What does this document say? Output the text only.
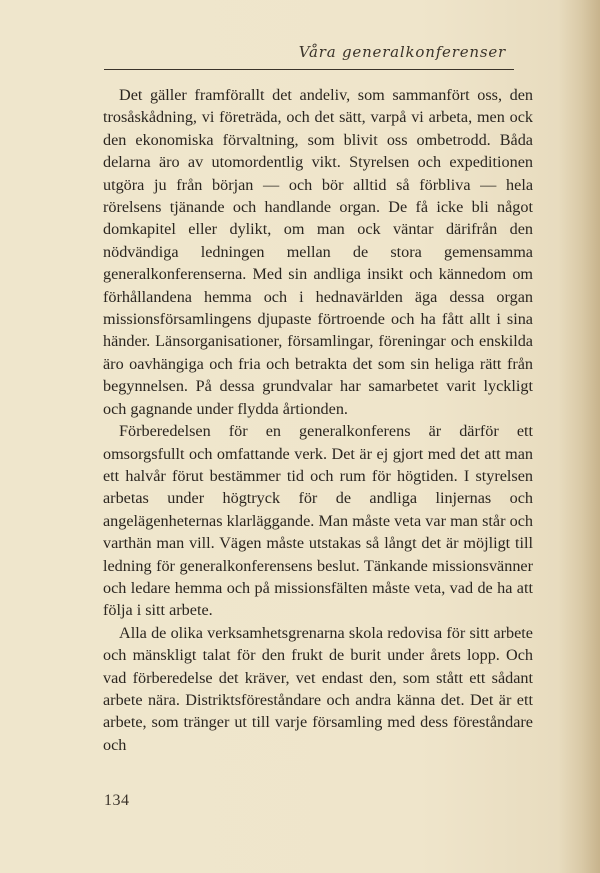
Våra generalkonferenser

Det gäller framförallt det andeliv, som sammanfört oss, den trosåskådning, vi företräda, och det sätt, varpå vi arbeta, men ock den ekonomiska förvaltning, som blivit oss ombetrodd. Båda delarna äro av utomordentlig vikt. Styrelsen och expeditionen utgöra ju från början — och bör alltid så förbliva — hela rörelsens tjänande och handlande organ. De få icke bli något domkapitel eller dylikt, om man ock väntar därifrån den nödvändiga ledningen mellan de stora gemensamma generalkonferenserna. Med sin andliga insikt och kännedom om förhållandena hemma och i hednavärlden äga dessa organ missionsförsamlingens djupaste förtroende och ha fått allt i sina händer. Länsorganisationer, församlingar, föreningar och enskilda äro oavhängiga och fria och betrakta det som sin heliga rätt från begynnelsen. På dessa grundvalar har samarbetet varit lyckligt och gagnande under flydda årtionden.

Förberedelsen för en generalkonferens är därför ett omsorgsfullt och omfattande verk. Det är ej gjort med det att man ett halvår förut bestämmer tid och rum för högtiden. I styrelsen arbetas under högtryck för de andliga linjernas och angelägenheternas klarläggande. Man måste veta var man står och varthän man vill. Vägen måste utstakas så långt det är möjligt till ledning för generalkonferensens beslut. Tänkande missionsvänner och ledare hemma och på missionsfälten måste veta, vad de ha att följa i sitt arbete.

Alla de olika verksamhetsgrenarna skola redovisa för sitt arbete och mänskligt talat för den frukt de burit under årets lopp. Och vad förberedelse det kräver, vet endast den, som stått ett sådant arbete nära. Distriktsföreståndare och andra känna det. Det är ett arbete, som tränger ut till varje församling med dess föreståndare och

134
